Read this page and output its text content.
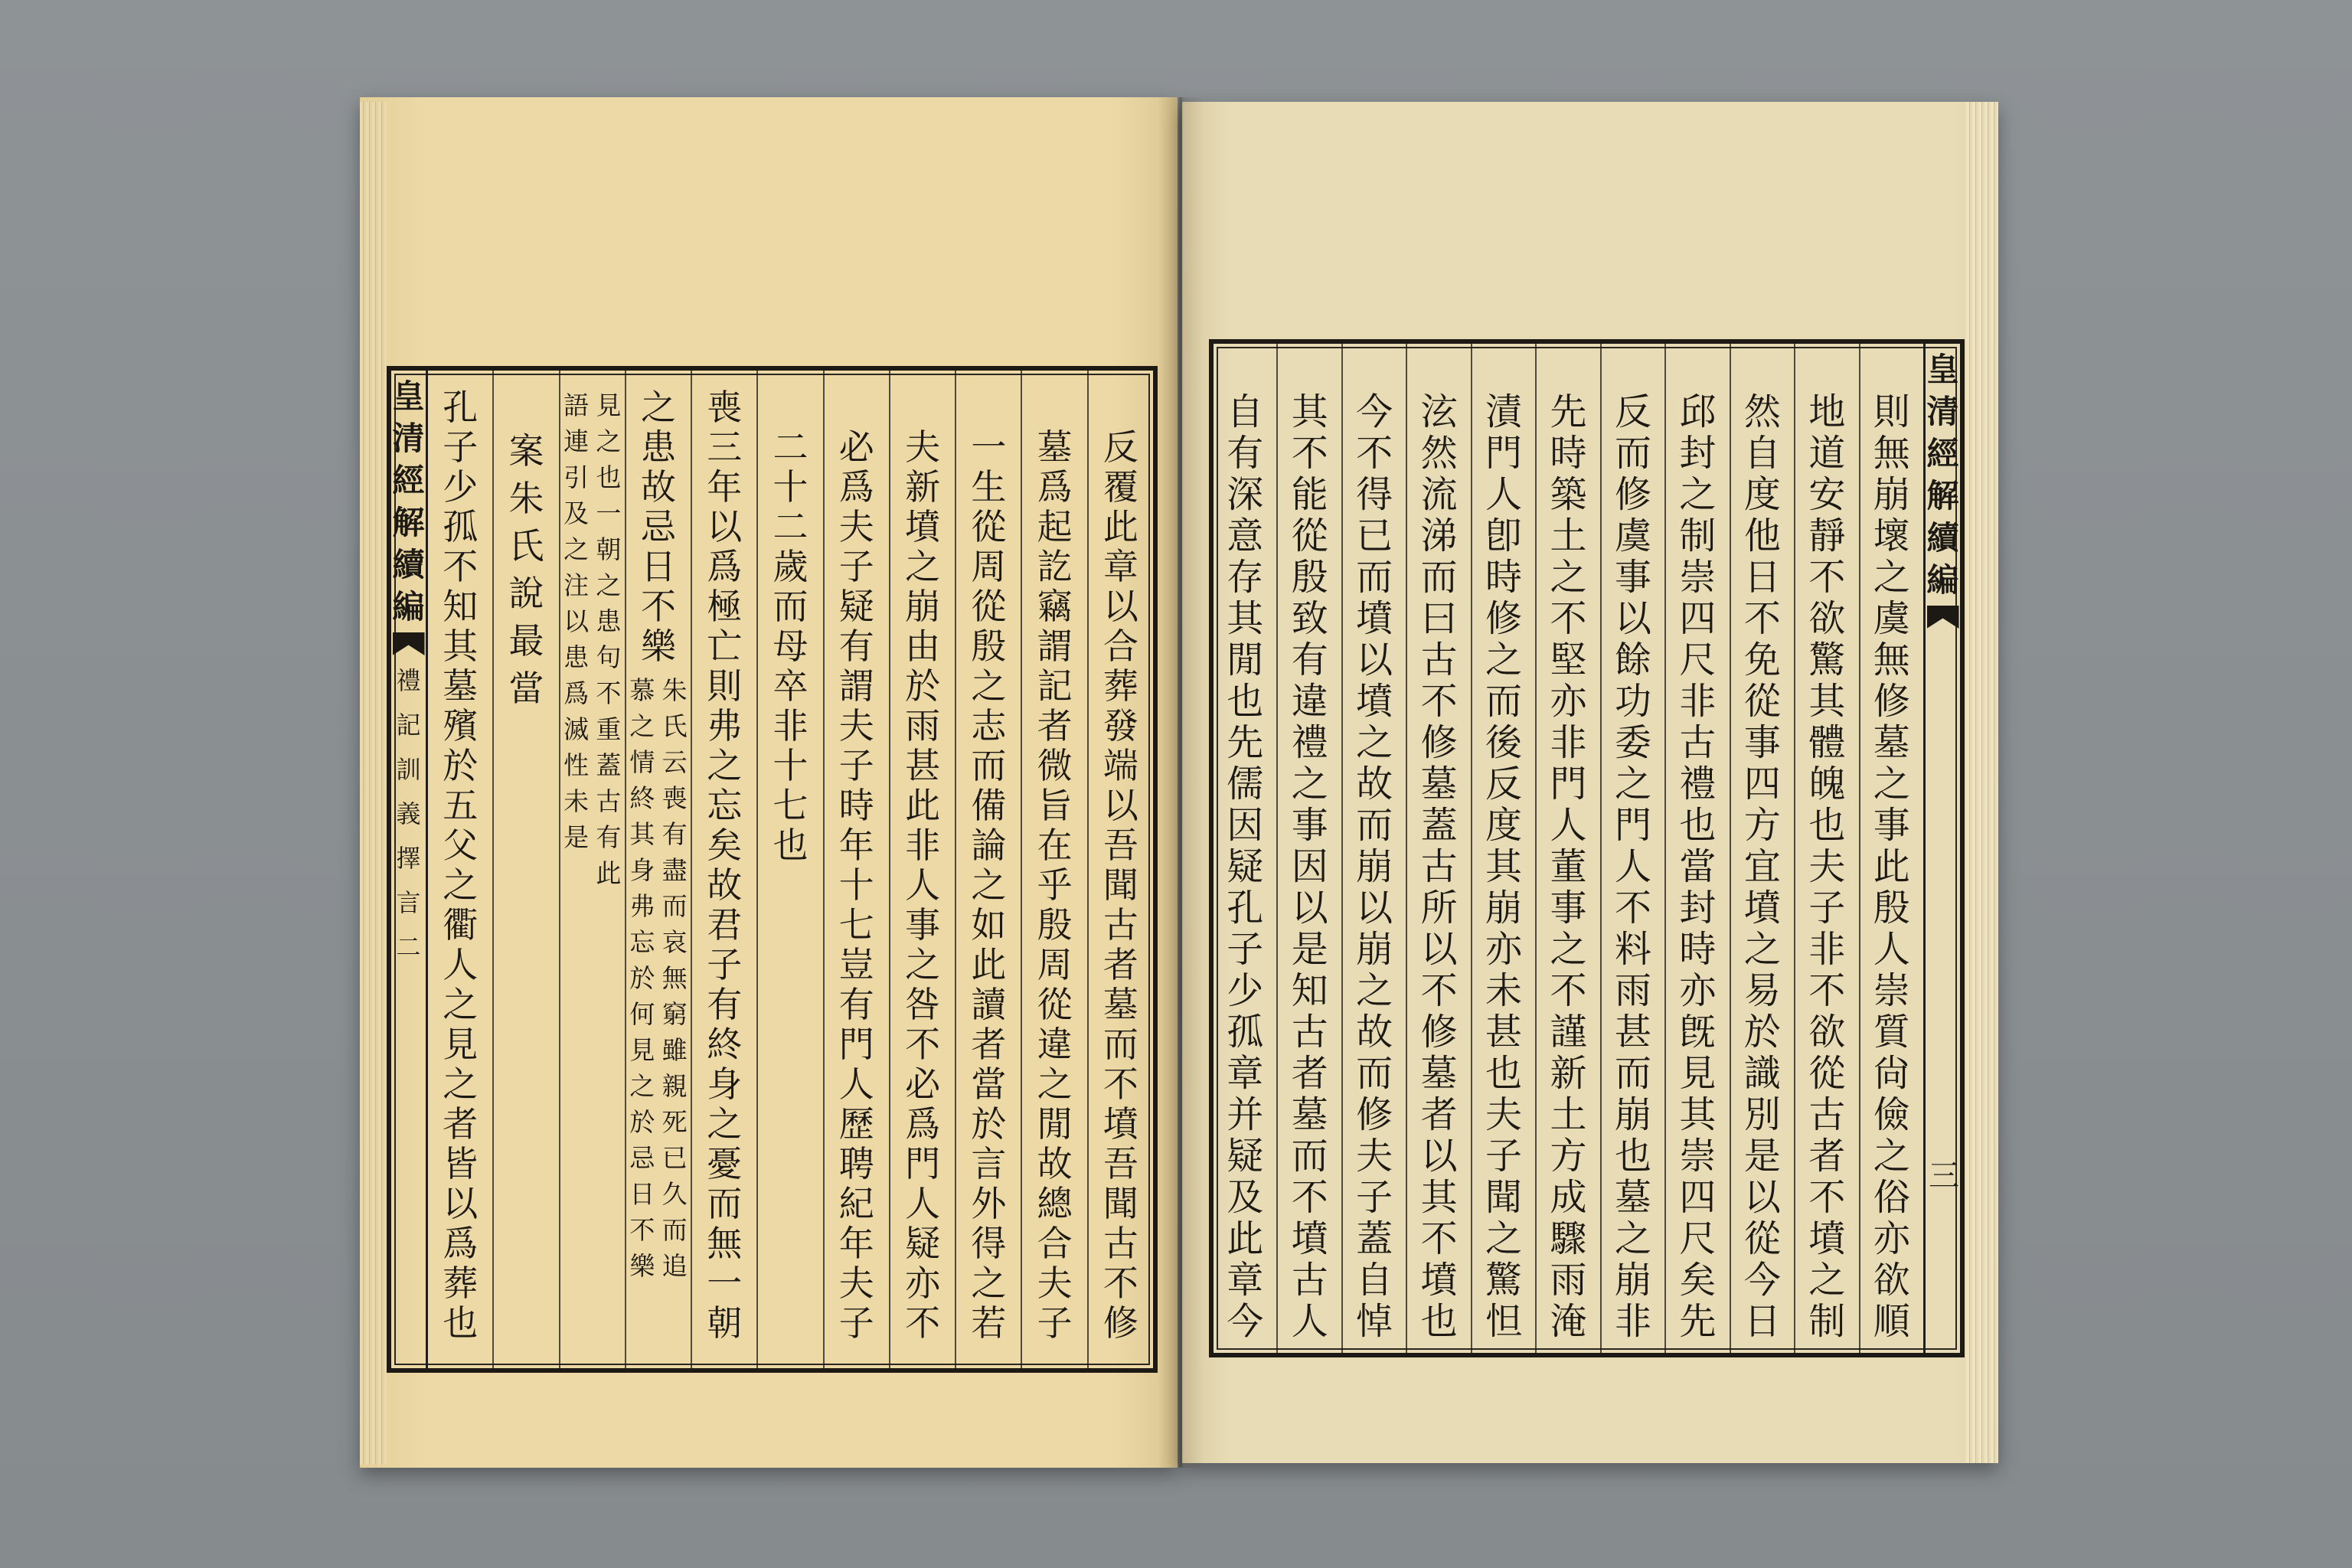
皇清經解續編
禮記訓義擇言二
反覆此章以合葬發端以吾聞古者墓而不墳吾聞古不修
墓爲起訖竊謂記者微旨在乎殷周從違之閒故總合夫子
一生從周從殷之志而備論之如此讀者當於言外得之若
夫新墳之崩由於雨甚此非人事之咎不必爲門人疑亦不
必爲夫子疑有謂夫子時年十七豈有門人歷聘紀年夫子
二十二歲而母卒非十七也
喪三年以爲極亡則弗之忘矣故君子有終身之憂而無一朝
之患故忌日不樂
朱氏云喪有盡而哀無窮雖親死已久而追
慕之情終其身弗忘於何見之於忌日不樂
見之也一朝之患句不重蓋古有此
語連引及之注以患爲滅性未是
案朱氏說最當
孔子少孤不知其墓殯於五父之衢人之見之者皆以爲葬也
則無崩壞之虞無修墓之事此殷人崇質尙儉之俗亦欲順
地道安靜不欲驚其體魄也夫子非不欲從古者不墳之制
然自度他日不免從事四方宜墳之易於識別是以從今日
邱封之制崇四尺非古禮也當封時亦旣見其崇四尺矣先
反而修虞事以餘功委之門人不料雨甚而崩也墓之崩非
先時築土之不堅亦非門人董事之不謹新土方成驟雨淹
漬門人卽時修之而後反度其崩亦未甚也夫子聞之驚怛
泫然流涕而曰古不修墓蓋古所以不修墓者以其不墳也
今不得已而墳以墳之故而崩以崩之故而修夫子蓋自悼
其不能從殷致有違禮之事因以是知古者墓而不墳古人
自有深意存其閒也先儒因疑孔子少孤章并疑及此章今
皇清經解續編
三
